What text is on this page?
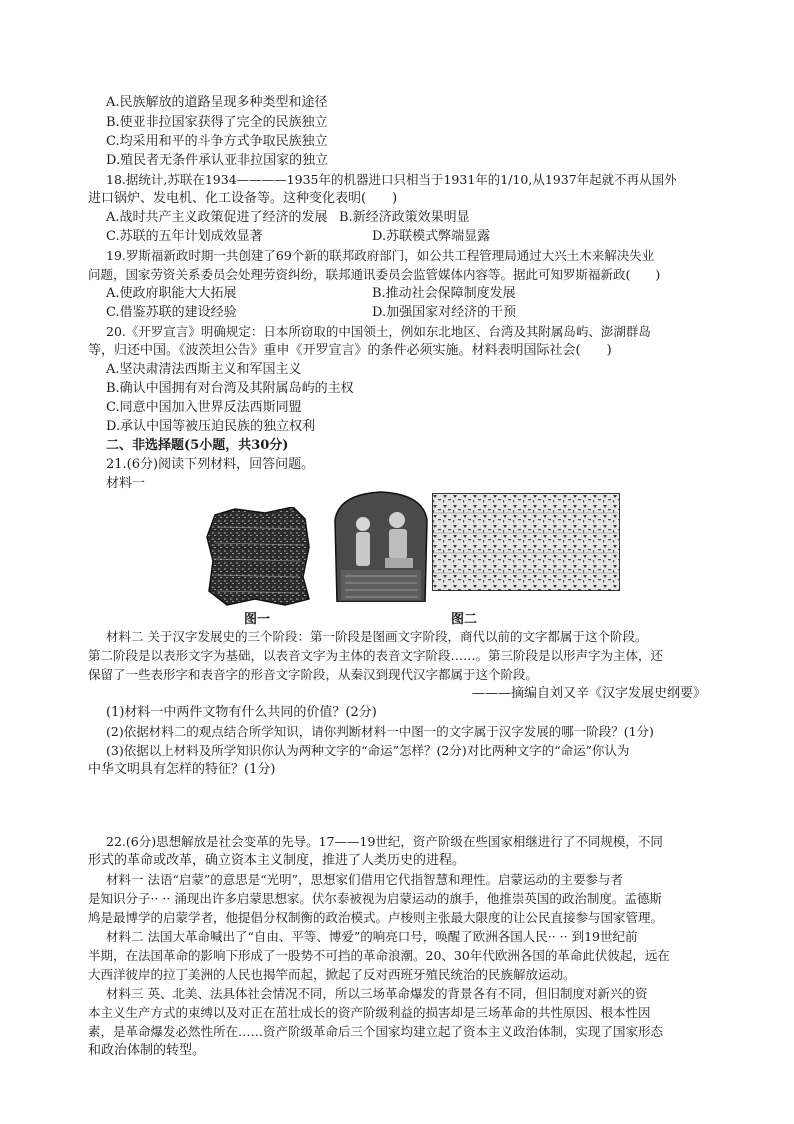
A.民族解放的道路呈现多种类型和途径
B.使亚非拉国家获得了完全的民族独立
C.均采用和平的斗争方式争取民族独立
D.殖民者无条件承认亚非拉国家的独立
18.据统计,苏联在1934————1935年的机器进口只相当于1931年的1/10,从1937年起就不再从国外
进口锅炉、发电机、化工设备等。这种变化表明(　　)
A.战时共产主义政策促进了经济的发展 B.新经济政策效果明显
C.苏联的五年计划成效显著	D.苏联模式弊端显露
19.罗斯福新政时期一共创建了69个新的联邦政府部门，如公共工程管理局通过大兴土木来解决失业
问题，国家劳资关系委员会处理劳资纠纷，联邦通讯委员会监管媒体内容等。据此可知罗斯福新政(　　)
A.使政府职能大大拓展	B.推动社会保障制度发展
C.借鉴苏联的建设经验	D.加强国家对经济的干预
20.《开罗宣言》明确规定：日本所窃取的中国领土，例如东北地区、台湾及其附属岛屿、澎湖群岛
等，归还中国。《波茨坦公告》重申《开罗宣言》的条件必须实施。材料表明国际社会(　　)
A.坚决肃清法西斯主义和军国主义
B.确认中国拥有对台湾及其附属岛屿的主权
C.同意中国加入世界反法西斯同盟
D.承认中国等被压迫民族的独立权利
二、非选择题(5小题，共30分)
21.(6分)阅读下列材料，回答问题。
材料一
图一	图二
材料二 关于汉字发展史的三个阶段：第一阶段是图画文字阶段，商代以前的文字都属于这个阶段。
第二阶段是以表形文字为基础，以表音文字为主体的表音文字阶段……。第三阶段是以形声字为主体，还
保留了一些表形字和表音字的形音文字阶段，从秦汉到现代汉字都属于这个阶段。
———摘编自刘又辛《汉字发展史纲要》
(1)材料一中两件文物有什么共同的价值？(2分)
(2)依据材料二的观点结合所学知识，请你判断材料一中图一的文字属于汉字发展的哪一阶段？(1分)
(3)依据以上材料及所学知识你认为两种文字的“命运”怎样？(2分)对比两种文字的“命运”你认为
中华文明具有怎样的特征？(1分)
22.(6分)思想解放是社会变革的先导。17——19世纪，资产阶级在些国家相继进行了不同规模，不同
形式的革命或改革，确立资本主义制度，推进了人类历史的进程。
材料一 法语“启蒙”的意思是“光明”，思想家们借用它代指智慧和理性。启蒙运动的主要参与者
是知识分子·· ·· 涌现出许多启蒙思想家。伏尔泰被视为启蒙运动的旗手，他推崇英国的政治制度。孟德斯
鸠是最博学的启蒙学者，他提倡分权制衡的政治模式。卢梭则主张最大限度的让公民直接参与国家管理。
材料二 法国大革命喊出了“自由、平等、博爱”的响亮口号，唤醒了欧洲各国人民·· ·· 到19世纪前
半期，在法国革命的影响下形成了一股势不可挡的革命浪潮。20、30年代欧洲各国的革命此伏彼起，远在
大西洋彼岸的拉丁美洲的人民也揭竿而起，掀起了反对西班牙殖民统治的民族解放运动。
材料三 英、北美、法具体社会情况不同，所以三场革命爆发的背景各有不同，但旧制度对新兴的资
本主义生产方式的束缚以及对正在茁壮成长的资产阶级利益的损害却是三场革命的共性原因、根本性因
素，是革命爆发必然性所在……资产阶级革命后三个国家均建立起了资本主义政治体制，实现了国家形态
和政治体制的转型。
